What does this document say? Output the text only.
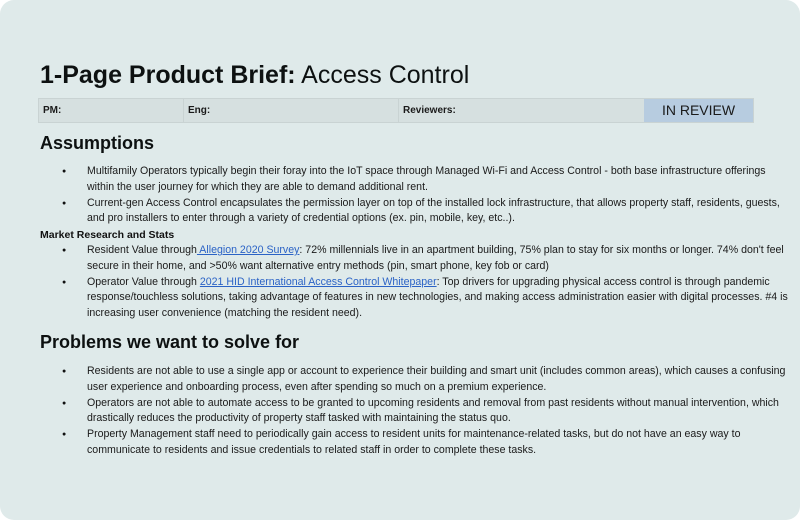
1-Page Product Brief: Access Control
PM:	Eng:	Reviewers:	IN REVIEW
Assumptions
● Multifamily Operators typically begin their foray into the IoT space through Managed Wi-Fi and Access Control - both base infrastructure offerings within the user journey for which they are able to demand additional rent.
● Current-gen Access Control encapsulates the permission layer on top of the installed lock infrastructure, that allows property staff, residents, guests, and pro installers to enter through a variety of credential options (ex. pin, mobile, key, etc..).
Market Research and Stats
● Resident Value through Allegion 2020 Survey: 72% millennials live in an apartment building, 75% plan to stay for six months or longer. 74% don't feel secure in their home, and >50% want alternative entry methods (pin, smart phone, key fob or card)
● Operator Value through 2021 HID International Access Control Whitepaper: Top drivers for upgrading physical access control is through pandemic response/touchless solutions, taking advantage of features in new technologies, and making access administration easier with digital processes. #4 is increasing user convenience (matching the resident need).
Problems we want to solve for
● Residents are not able to use a single app or account to experience their building and smart unit (includes common areas), which causes a confusing user experience and onboarding process, even after spending so much on a premium experience.
● Operators are not able to automate access to be granted to upcoming residents and removal from past residents without manual intervention, which drastically reduces the productivity of property staff tasked with maintaining the status quo.
● Property Management staff need to periodically gain access to resident units for maintenance-related tasks, but do not have an easy way to communicate to residents and issue credentials to related staff in order to complete these tasks.
